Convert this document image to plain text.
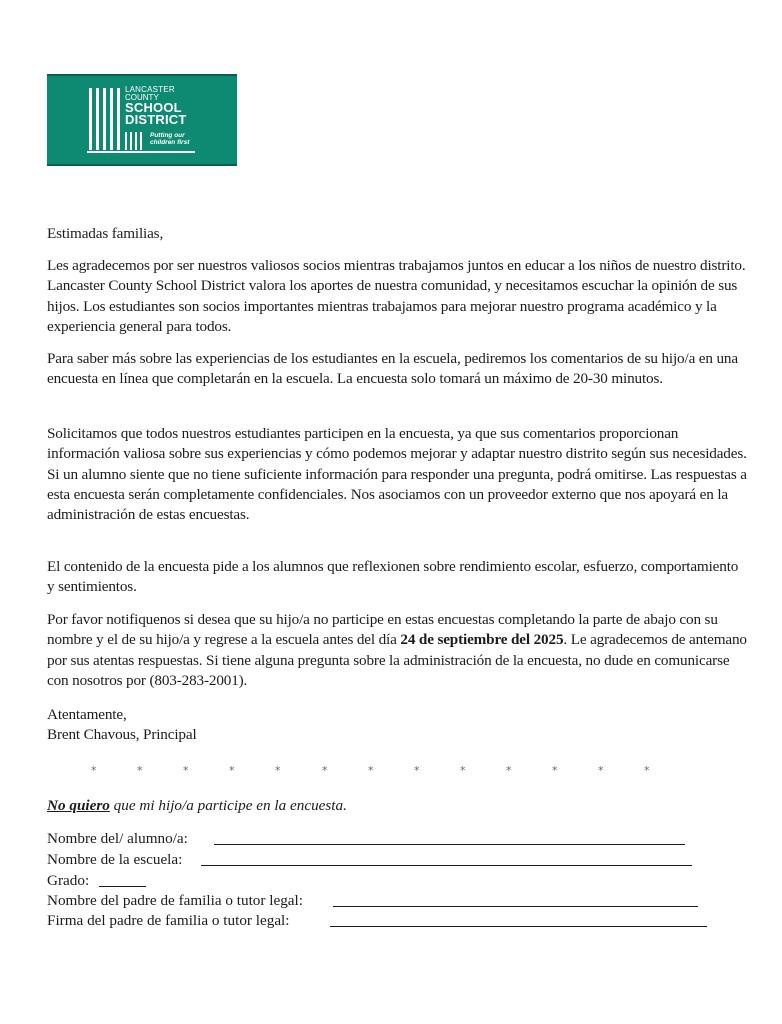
LANCASTER
COUNTY
SCHOOL
DISTRICT
Putting our
children first

Estimadas familias,

Les agradecemos por ser nuestros valiosos socios mientras trabajamos juntos en educar a los niños de nuestro distrito. Lancaster County School District valora los aportes de nuestra comunidad, y necesitamos escuchar la opinión de sus hijos. Los estudiantes son socios importantes mientras trabajamos para mejorar nuestro programa académico y la experiencia general para todos.

Para saber más sobre las experiencias de los estudiantes en la escuela, pediremos los comentarios de su hijo/a en una encuesta en línea que completarán en la escuela. La encuesta solo tomará un máximo de 20-30 minutos.

Solicitamos que todos nuestros estudiantes participen en la encuesta, ya que sus comentarios proporcionan información valiosa sobre sus experiencias y cómo podemos mejorar y adaptar nuestro distrito según sus necesidades. Si un alumno siente que no tiene suficiente información para responder una pregunta, podrá omitirse. Las respuestas a esta encuesta serán completamente confidenciales. Nos asociamos con un proveedor externo que nos apoyará en la administración de estas encuestas.

El contenido de la encuesta pide a los alumnos que reflexionen sobre rendimiento escolar, esfuerzo, comportamiento y sentimientos.

Por favor notifiquenos si desea que su hijo/a no participe en estas encuestas completando la parte de abajo con su nombre y el de su hijo/a y regrese a la escuela antes del día 24 de septiembre del 2025. Le agradecemos de antemano por sus atentas respuestas. Si tiene alguna pregunta sobre la administración de la encuesta, no dude en comunicarse con nosotros por (803-283-2001).

Atentamente,

Brent Chavous, Principal

*	*	*	*	*	*	*	*	*	*	*	*	*
No quiero que mi hijo/a participe en la encuesta.
Nombre del/ alumno/a:
Nombre de la escuela:
Grado:
Nombre del padre de familia o tutor legal:
Firma del padre de familia o tutor legal:
